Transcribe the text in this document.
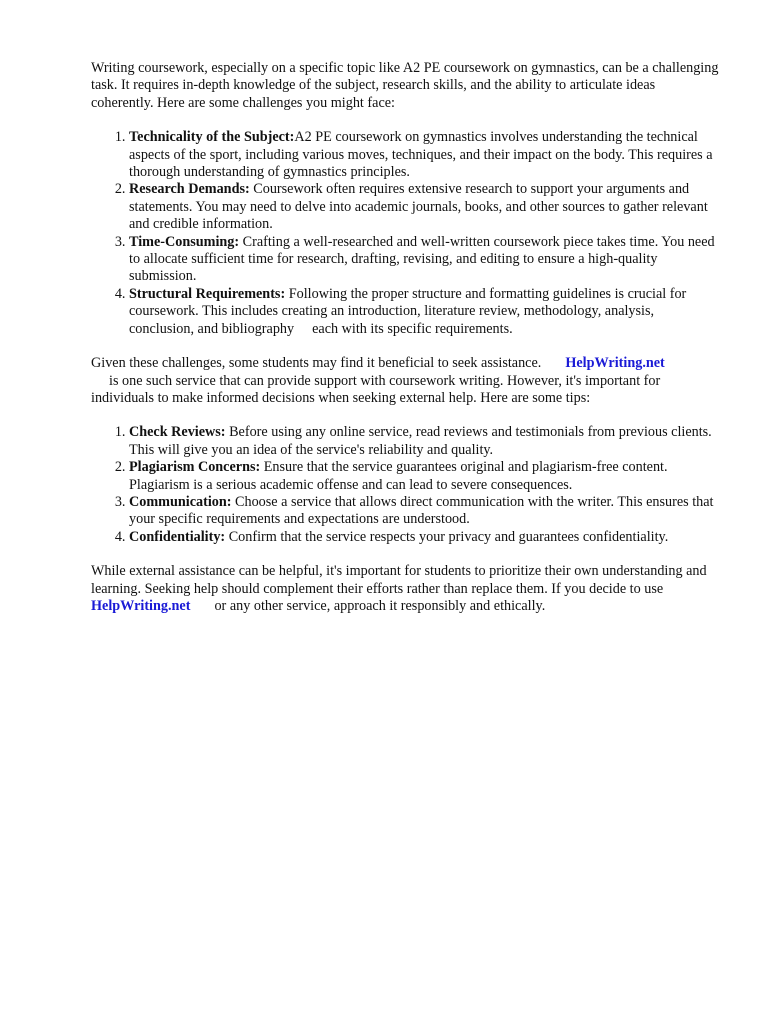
Writing coursework, especially on a specific topic like A2 PE coursework on gymnastics, can be a challenging task. It requires in-depth knowledge of the subject, research skills, and the ability to articulate ideas coherently. Here are some challenges you might face:

1. Technicality of the Subject:A2 PE coursework on gymnastics involves understanding the technical aspects of the sport, including various moves, techniques, and their impact on the body. This requires a thorough understanding of gymnastics principles.
2. Research Demands: Coursework often requires extensive research to support your arguments and statements. You may need to delve into academic journals, books, and other sources to gather relevant and credible information.
3. Time-Consuming: Crafting a well-researched and well-written coursework piece takes time. You need to allocate sufficient time for research, drafting, revising, and editing to ensure a high-quality submission.
4. Structural Requirements: Following the proper structure and formatting guidelines is crucial for coursework. This includes creating an introduction, literature review, methodology, analysis, conclusion, and bibliography each with its specific requirements.

Given these challenges, some students may find it beneficial to seek assistance. HelpWriting.net
is one such service that can provide support with coursework writing. However, it's important for individuals to make informed decisions when seeking external help. Here are some tips:

1. Check Reviews: Before using any online service, read reviews and testimonials from previous clients. This will give you an idea of the service's reliability and quality.
2. Plagiarism Concerns: Ensure that the service guarantees original and plagiarism-free content. Plagiarism is a serious academic offense and can lead to severe consequences.
3. Communication: Choose a service that allows direct communication with the writer. This ensures that your specific requirements and expectations are understood.
4. Confidentiality: Confirm that the service respects your privacy and guarantees confidentiality.

While external assistance can be helpful, it's important for students to prioritize their own understanding and learning. Seeking help should complement their efforts rather than replace them. If you decide to useHelpWriting.net or any other service, approach it responsibly and ethically.
